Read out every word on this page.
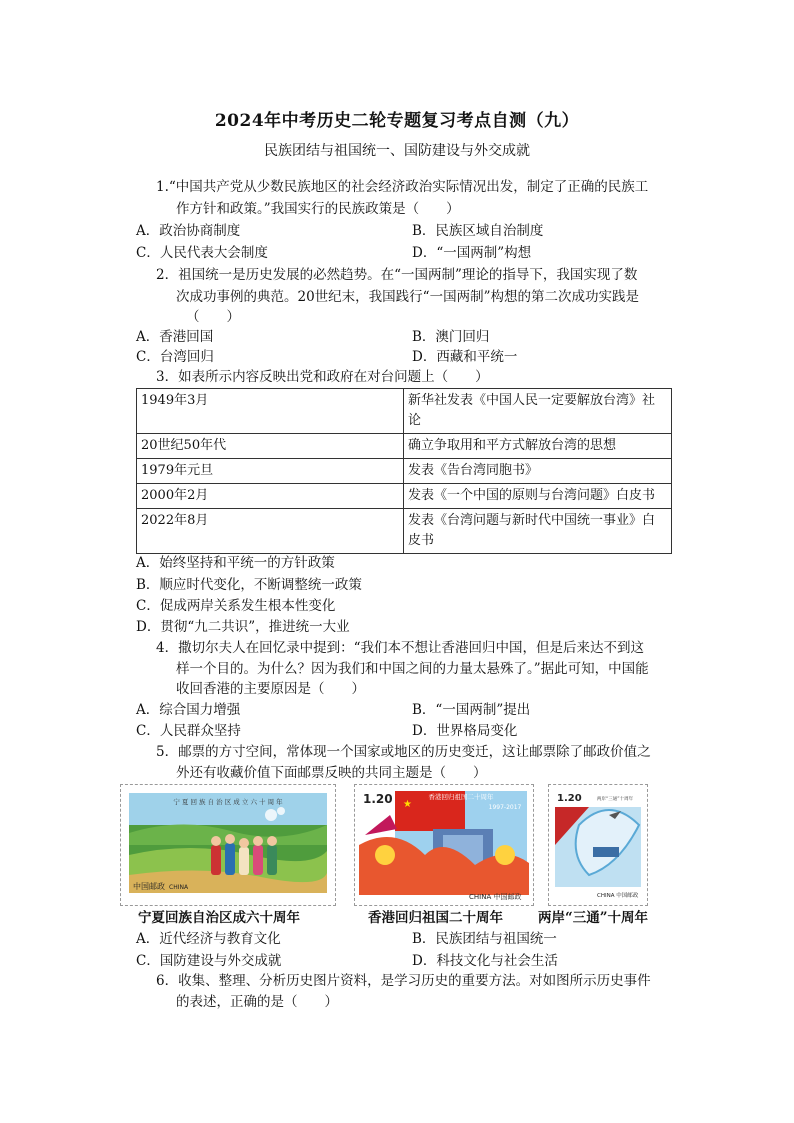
2024年中考历史二轮专题复习考点自测（九）
民族团结与祖国统一、国防建设与外交成就
1.“中国共产党从少数民族地区的社会经济政治实际情况出发，制定了正确的民族工
作方针和政策。”我国实行的民族政策是（　　）
A．政治协商制度	B．民族区域自治制度
C．人民代表大会制度	D．“一国两制”构想
2．祖国统一是历史发展的必然趋势。在“一国两制”理论的指导下，我国实现了数
次成功事例的典范。20世纪末，我国践行“一国两制”构想的第二次成功实践是
（　　）
A．香港回国	B．澳门回归
C．台湾回归	D．西藏和平统一
3．如表所示内容反映出党和政府在对台问题上（　　）
1949年3月	新华社发表《中国人民一定要解放台湾》社论
20世纪50年代	确立争取用和平方式解放台湾的思想
1979年元旦	发表《告台湾同胞书》
2000年2月	发表《一个中国的原则与台湾问题》白皮书
2022年8月	发表《台湾问题与新时代中国统一事业》白皮书
A．始终坚持和平统一的方针政策
B．顺应时代变化，不断调整统一政策
C．促成两岸关系发生根本性变化
D．贯彻“九二共识”，推进统一大业
4．撒切尔夫人在回忆录中提到：“我们本不想让香港回归中国，但是后来达不到这
样一个目的。为什么？因为我们和中国之间的力量太悬殊了。”据此可知，中国能
收回香港的主要原因是（　　）
A．综合国力增强	B．“一国两制”提出
C．人民群众坚持	D．世界格局变化
5．邮票的方寸空间，常体现一个国家或地区的历史变迁，这让邮票除了邮政价值之
外还有收藏价值下面邮票反映的共同主题是（　　）
宁 夏 回 族 自 治 区 成 立 六 十 周 年
中国邮政 CHINA
★
1.20	香港回归祖国二十周年
1997-2017
CHINA 中国邮政
1.20	两岸“三通”十周年
CHINA 中国邮政
宁夏回族自治区成六十周年	香港回归祖国二十周年	两岸“三通”十周年
A．近代经济与教育文化	B．民族团结与祖国统一
C．国防建设与外交成就	D．科技文化与社会生活
6．收集、整理、分析历史图片资料，是学习历史的重要方法。对如图所示历史事件
的表述，正确的是（　　）
